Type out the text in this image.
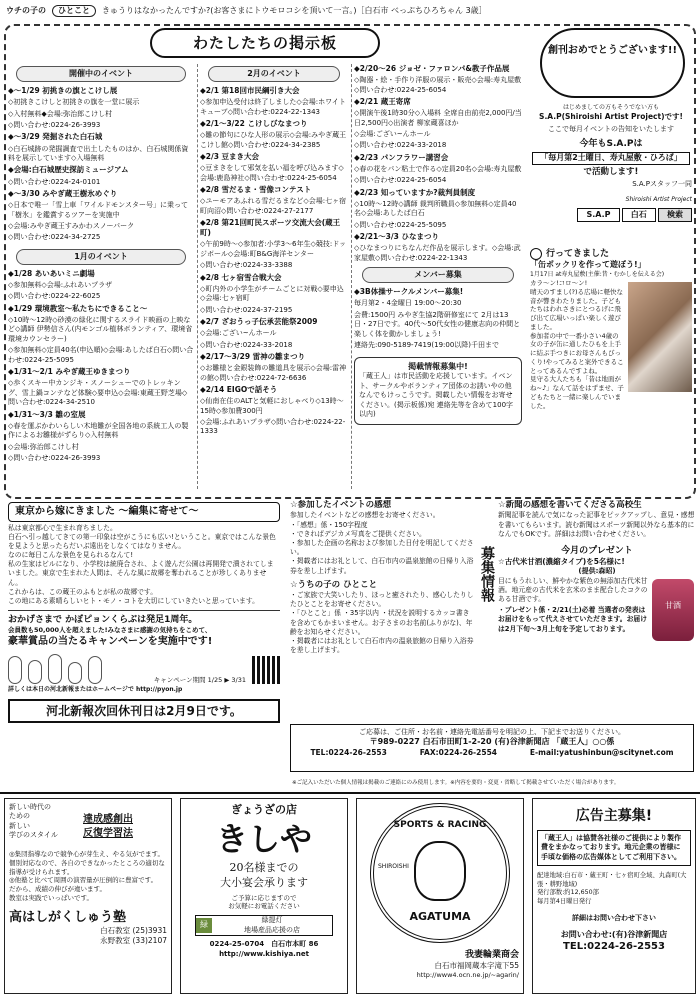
ウチの子の	ひとこと	きゅうりはなかったんですか?(お客さまにトウモロコシを頂いて一言。)［白石市 べっぷちひろちゃん 3歳］
わたしたちの掲示板
開催中のイベント
◆～1/29 初挑きの旗とこけし展
◇初挑きこけしと初挑きの旗を一堂に展示
◇入村無料◆会場:弥治郎こけし村
◇問い合わせ:0224-26-3993
◆～3/29 発掘された白石城
◇白石城跡の発掘調査で出土したものはか、白石城関係資料を展示しています◇入場無料
◆会場:白石城歴史探訪ミュージアム
◇問い合わせ:0224-24-0101
◆～3/30 みやぎ蔵王樹氷めぐり
◇日本で唯一「雪上車「ワイルドモンスター号」に乗って「樹氷」を鑑賞するツアーを実施中
◇会場:みやぎ蔵王すみかわスノーパーク
◇問い合わせ:0224-34-2725
1月のイベント
◆1/28 あいあいミニ劇場
◇参加無料◇会場:ふれあいプラザ
◇問い合わせ:0224-22-6025
◆1/29 環境教室～私たちにできること～
◇10時～12時◇砂漠の緑化に関するスライド映画の上映など◇講師 伊勢信さん(内モンゴル植林ボランティア、環境省環境カウンセラー)
◇参加無料◇定員40名(申込順)◇会場:あしたば白石◇問い合わせ:0224-25-5095
◆1/31～2/1 みやぎ蔵王ゆきまつり
◇歩くスキー中カンジキ・スノーシューでのトレッキング、雪上鍋コンテなど体験◇要申込◇会場:東蔵王野芝場◇問い合わせ:0224-34-2510
◆1/31～3/3 雛の室展
◇春を運ぶかわいらしい木地雛が全国各地の系統工人の製作によるお雛様がずらり◇入村無料
◇会場:弥治郎こけし村
◇問い合わせ:0224-26-3993
2月のイベント
◆2/1 第18回市民綱引き大会
◇参加申込受付は終了しました◇会場:ホワイトキューブ◇問い合わせ:0224-22-1343
◆2/1～3/22 こけしびなまつり
◇雛の節句にひな人形の展示◇会場:みやぎ蔵王こけし館◇問い合わせ:0224-34-2385
◆2/3 豆まき大会
◇豆まきをして邪気を払い福を呼び込みます◇会場:鹿島神社◇問い合わせ:0224-25-6054
◆2/8 雪だるま・雪像コンテスト
◇ユーモアあふれる雪だるまなど◇会場:七ヶ宿町向沼◇問い合わせ:0224-27-2177
◆2/8 第21回町民スポーツ交流大会(蔵王町)
◇午前9時～◇参加者:小学3～6年生◇競技:ドッジボール◇会場:町B&G海洋センター
◇問い合わせ:0224-33-3388
◆2/8 七ヶ宿雪合戦大会
◇町内外の小学生がチームごとに対戦◇要申込◇会場:七ヶ宿町
◇問い合わせ:0224-37-2195
◆2/7 ざおうっ子伝承芸能祭2009
◇会場:ござい~んホール
◇問い合わせ:0224-33-2018
◆2/17～3/29 雷神の雛まつり
◇お雛様と金銀装飾の雛道具を展示◇会場:雷神の館◇問い合わせ:0224-72-6636
◆2/14 EIGOで話そう
◇仙南在住のALTと気軽におしゃべり◇13時～15時◇参加費300円
◇会場:ふれあいプラザ◇問い合わせ:0224-22-1333
◆2/20～26 ジョゼ・ファロンパ&教子作品展
◇陶器・絵・手作り洋服の展示・販売◇会場:寿丸屋敷◇問い合わせ:0224-25-6054
◆2/21 蔵王寄席
◇開演午後1時30分◇入場料 全席自由前売2,000円/当日2,500円◇出演者 柳家蔵喜ほか
◇会場:ござい~んホール
◇問い合わせ:0224-33-2018
◆2/23 パンフラワー講習会
◇春の花をパン粘土で作る◇定員20名◇会場:寿丸屋敷
◇問い合わせ:0224-25-6054
◆2/23 知っていますか?裁判員制度
◇10時～12時◇講師 裁判所職員◇参加無料◇定員40名◇会場:あしたば白石
◇問い合わせ:0224-25-5095
◆2/21～3/3 ひなまつり
◇ひなまつりにちなんだ作品を展示します。◇会場:武家屋敷◇問い合わせ:0224-22-1343
メンバー募集
◆3B体操サークルメンバー募集!
毎月第2・4金曜日 19:00～20:30
会費:1500円 みやぎ生協2階研修室にて 2月は13日・27日です。40代～50代女性の健康志向の仲間と楽しく体を動かしましょう!
連絡先:090-5189-7419(19:00以降)千田まで
掲載情報募集中!
「蔵王人」は市民活動を応援しています。イベント、サークルやボランティア団体のお誘いやの他なんでもけっこうです。掲載したい情報をお寄せください。(掲示板係)宛 連絡先等を含めて100字以内)
創刊おめでとうございます!!
はじめましての方もそうでない方も
S.A.P(Shiroishi Artist Project)です!
ここで毎月イベントの告知をいたします
今年もS.A.Pは
「毎月第2土曜日、寿丸屋敷・ひろば」
で活動します!
S.A.Pスタッフ一同
Shiroishi Artist Project
S.A.P	白石	検索
行ってきました
「缶ポックリを作って遊ぼう!」
1月17日 at寿丸屋敷(主催:昔・むかしを伝える会)
カラ～ン!コロ～ン!
晴天のすまし(?)る広場に軽快な音が響きわたりました。子どもたちはわれさきにとつるげに飛び出て広場いっぱい楽しく遊びました。
参加者の中で一番小さい4歳の女の子が缶に通したひもを上手に結ぶ手つきにお母さんもびっくり!やってみると案外できることってあるんですよね。
見守る大人たちも「昔は地面がね~♪」なんて話をはずませ、子どもたちと一緒に楽しんでいました。
東京から嫁にきました ～編集に寄せて～
私は東京都心で生まれ育ちました。
白石へ引っ越してきての第一印象は空がこうにも広い!ということ。東京ではこんな景色を見ようと思ったらだいぶ遠出をしなくてはなりません。
なのに毎日こんな景色を見られるなんて!
私の生家はビルになり、小学校は統廃合され、よく遊んだ公園は再開発で潰されてしまいました。東京で生まれた人間は、そんな風に故郷を奪われることが珍しくありません。
これからは、この蔵王のふもとが私の故郷です。
この地にある素晴らしいヒト・モノ・コトを大切にしていきたいと思っています。
おかげさまで かぼピョンくらぶは発足1周年。
会員数も50,000人を超えました!みなさまに感謝の気持ちをこめて、
豪華賞品の当たるキャンペーンを実施中です!
キャンペーン期間 1/25 ▶ 3/31
詳しくは本日の河北新報またはホームページで http://pyon.jp
河北新報次回休刊日は2月9日です。
☆参加したイベントの感想
参加したイベントなどの感想をお寄せください。
・「感想」係・150字程度
・できればデジカメ写真をご提供ください。
・参加した企画の名称および参加した日付を明記してください。
・掲載者にはお礼として、白石市内の温泉旅館の日帰り入浴券を差し上げます。
☆うちの子の ひとこと
・ご家族で大笑いしたり、ほっと癒されたり、感心したりしたひとことをお寄せください。
・「ひとこと」係 ・35字以内 ・状況を説明するカッコ書きを含めてもかまいません。お子さまのお名前(ふりがな)、年齢をお知らせください。
・掲載者にはお礼として白石市内の温泉旅館の日帰り入浴券を差し上げます。
募集情報
☆新聞の感想を書いてくださる高校生
新聞記事を読んで気になった記事をピックアップし、意見・感想を書いてもらいます。読む新聞はスポーツ新聞以外なら基本的になんでもOKです。詳細はお問い合わせください。
今月のプレゼント
☆古代米甘酒(濃縮タイプ)を5名様に!
(提供:森昭)
甘酒
目にもうれしい、鮮やかな紫色の無添加古代米甘酒。地元産の古代米を玄米のまま配合したコクのある甘酒です。
・プレゼント係・2/21(土)必着 当選者の発表はお届けをもって代えさせていただきます。お届けは2月下旬～3月上旬を予定しております。
ご応募は、ご住所・お名前・連絡先電話番号を明記の上、下記までお送りください。
〒989-0227 白石市田町1-2-20 (有)谷津新聞店 「蔵王人」○○係
TEL:0224-26-2553	FAX:0224-26-2554	E-mail:yatushinbun@scitynet.com
※ご記入いただいた個人情報は掲載のご連絡にのみ使用します。※内容を要約・変更・省略して掲載させていただく場合があります。
新しい時代の
ための
新しい
学びのスタイル
達成感創出
反復学習法
◎集団指導なので競争心が芽生え、やる気がでます。個別対応なので、各自のできなかったところの適切な指導が受けられます。
◎他塾と比べて周囲の演習量が圧倒的に豊富です。
だから、成績の伸びが違います。
教室は実践でいっぱいです。
高はしがくしゅう塾
白石教室 (25)3931
永野教室 (33)2107
ぎょうざの店
きしや
20名様までの
大小宴会承ります
ご予算に応じますので
お気軽にお電話ください
緑
緑提灯
地場産品応援の店
0224-25-0704　 白石市本町 86
http://www.kishiya.net
SPORTS & RACING
AGATUMA
SHIROISHI
我妻輪業商会
白石市福岡蔵本字滝下55
http://www4.ocn.ne.jp/~agarin/
広告主募集!
「蔵王人」は協賛各社様のご提供により製作費をまかなっております。地元企業の皆様に手頃な価格の広告媒体としてご利用下さい。
配達地域:白石市・蔵王町・七ヶ宿町全域、丸森町(大張・耕野地域)
発行部数:約12,650部
毎月第4日曜日発行
詳細はお問い合わせ下さい
お問い合わせ:(有)谷津新聞店
TEL:0224-26-2553
